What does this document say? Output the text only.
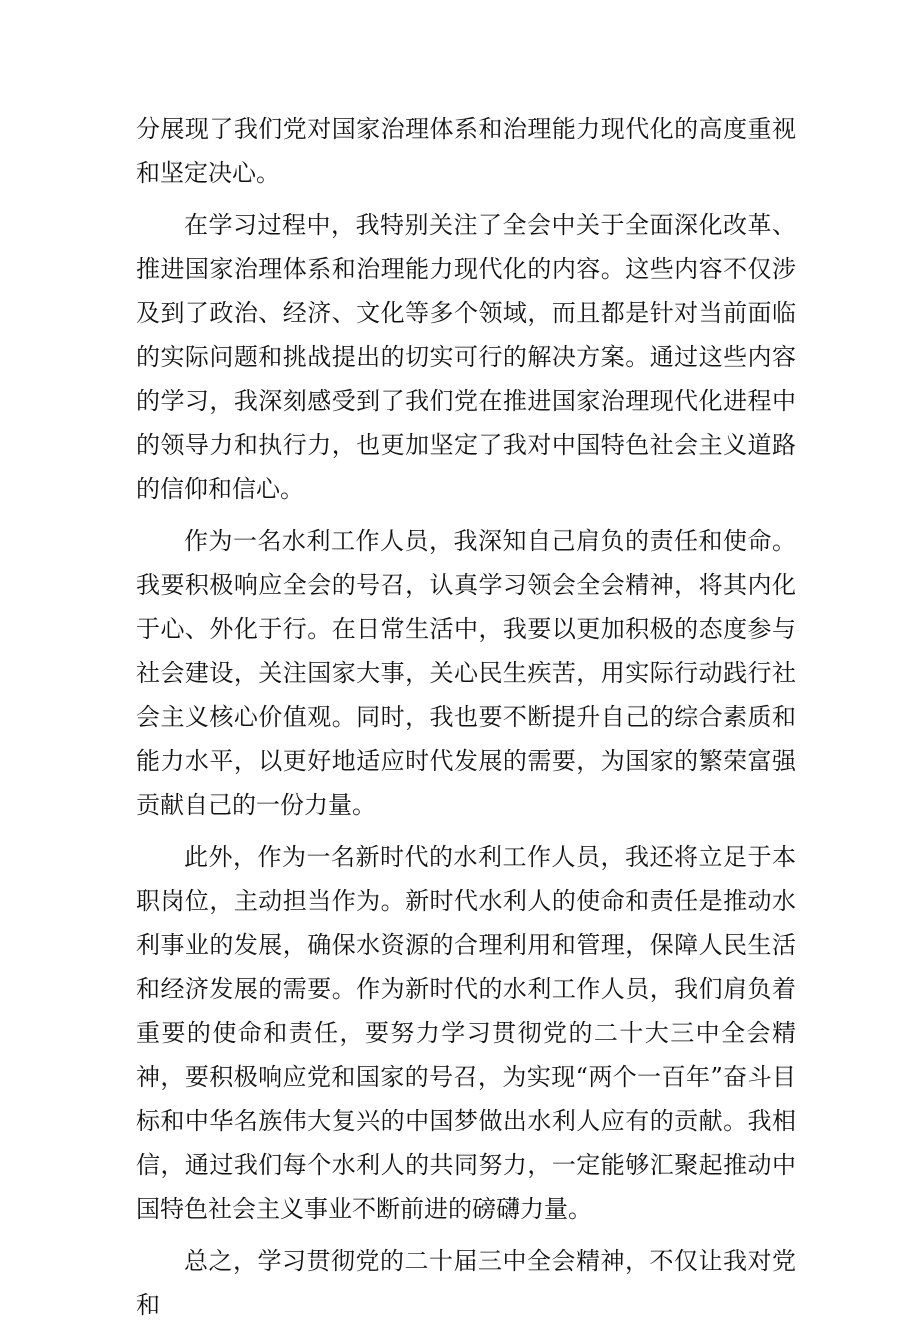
分展现了我们党对国家治理体系和治理能力现代化的高度重视和坚定决心。

在学习过程中，我特别关注了全会中关于全面深化改革、推进国家治理体系和治理能力现代化的内容。这些内容不仅涉及到了政治、经济、文化等多个领域，而且都是针对当前面临的实际问题和挑战提出的切实可行的解决方案。通过这些内容的学习，我深刻感受到了我们党在推进国家治理现代化进程中的领导力和执行力，也更加坚定了我对中国特色社会主义道路的信仰和信心。

作为一名水利工作人员，我深知自己肩负的责任和使命。我要积极响应全会的号召，认真学习领会全会精神，将其内化于心、外化于行。在日常生活中，我要以更加积极的态度参与社会建设，关注国家大事，关心民生疾苦，用实际行动践行社会主义核心价值观。同时，我也要不断提升自己的综合素质和能力水平，以更好地适应时代发展的需要，为国家的繁荣富强贡献自己的一份力量。

此外，作为一名新时代的水利工作人员，我还将立足于本职岗位，主动担当作为。新时代水利人的使命和责任是推动水利事业的发展，确保水资源的合理利用和管理，保障人民生活和经济发展的需要。作为新时代的水利工作人员，我们肩负着重要的使命和责任，要努力学习贯彻党的二十大三中全会精神，要积极响应党和国家的号召，为实现“两个一百年”奋斗目标和中华名族伟大复兴的中国梦做出水利人应有的贡献。我相信，通过我们每个水利人的共同努力，一定能够汇聚起推动中国特色社会主义事业不断前进的磅礴力量。

总之，学习贯彻党的二十届三中全会精神，不仅让我对党和
